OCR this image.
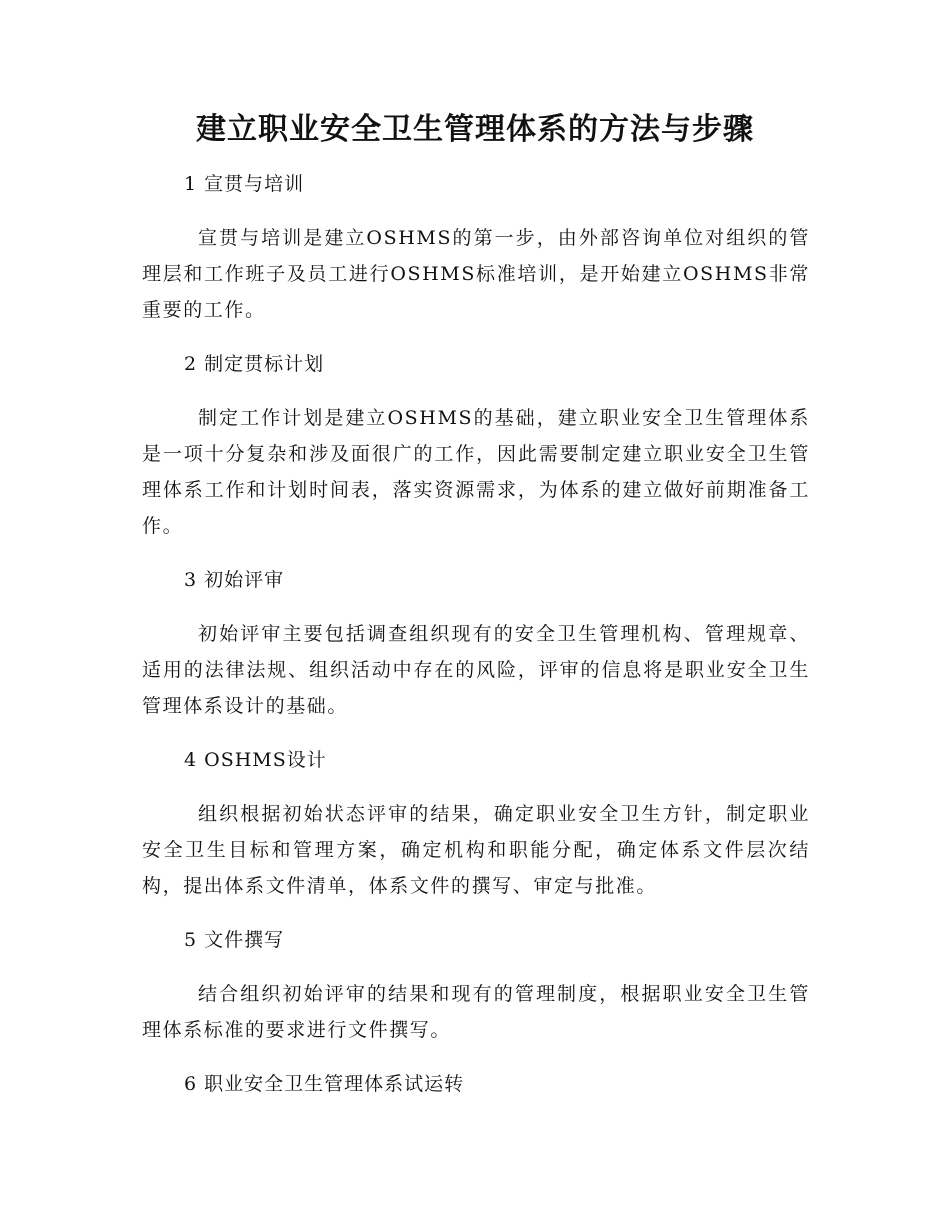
建立职业安全卫生管理体系的方法与步骤

1 宣贯与培训

宣贯与培训是建立OSHMS的第一步，由外部咨询单位对组织的管理层和工作班子及员工进行OSHMS标准培训，是开始建立OSHMS非常重要的工作。

2 制定贯标计划

制定工作计划是建立OSHMS的基础，建立职业安全卫生管理体系是一项十分复杂和涉及面很广的工作，因此需要制定建立职业安全卫生管理体系工作和计划时间表，落实资源需求，为体系的建立做好前期准备工作。

3 初始评审

初始评审主要包括调查组织现有的安全卫生管理机构、管理规章、适用的法律法规、组织活动中存在的风险，评审的信息将是职业安全卫生管理体系设计的基础。

4 OSHMS设计

组织根据初始状态评审的结果，确定职业安全卫生方针，制定职业安全卫生目标和管理方案，确定机构和职能分配，确定体系文件层次结构，提出体系文件清单，体系文件的撰写、审定与批准。

5 文件撰写

结合组织初始评审的结果和现有的管理制度，根据职业安全卫生管理体系标准的要求进行文件撰写。

6 职业安全卫生管理体系试运转
